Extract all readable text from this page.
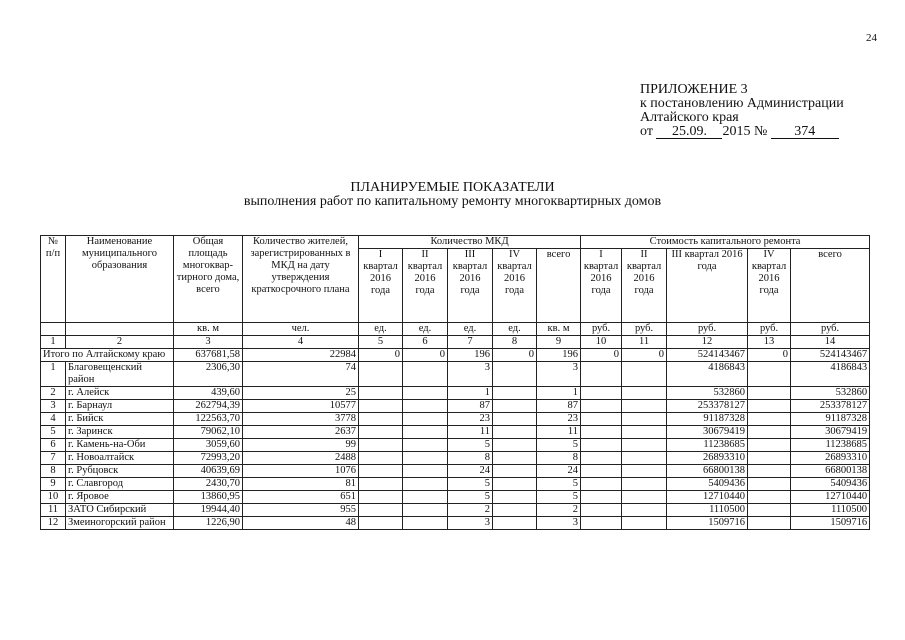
24
ПРИЛОЖЕНИЕ 3
к постановлению Администрации
Алтайского края
от 25.09. 2015 № 374
ПЛАНИРУЕМЫЕ ПОКАЗАТЕЛИ
выполнения работ по капитальному ремонту многоквартирных домов
№ п/п	Наименование муниципального образования	Общая площадь многоквар-тирного дома, всего	Количество жителей, зарегистрированных в МКД на дату утверждения краткосрочного плана	Количество МКД					Стоимость капитального ремонта				
				I квартал 2016 года	II квартал 2016 года	III квартал 2016 года	IV квартал 2016 года	всего	I квартал 2016 года	II квартал 2016 года	III квартал 2016 года	IV квартал 2016 года	всего
		кв. м	чел.	ед.	ед.	ед.	ед.	кв. м	руб.	руб.	руб.	руб.	руб.
1	2	3	4	5	6	7	8	9	10	11	12	13	14
Итого по Алтайскому краю		637681,58	22984	0	0	196	0	196	0	0	524143467	0	524143467
1	Благовещенский район	2306,30	74			3		3			4186843		4186843
2	г. Алейск	439,60	25			1		1			532860		532860
3	г. Барнаул	262794,39	10577			87		87			253378127		253378127
4	г. Бийск	122563,70	3778			23		23			91187328		91187328
5	г. Заринск	79062,10	2637			11		11			30679419		30679419
6	г. Камень-на-Оби	3059,60	99			5		5			11238685		11238685
7	г. Новоалтайск	72993,20	2488			8		8			26893310		26893310
8	г. Рубцовск	40639,69	1076			24		24			66800138		66800138
9	г. Славгород	2430,70	81			5		5			5409436		5409436
10	г. Яровое	13860,95	651			5		5			12710440		12710440
11	ЗАТО Сибирский	19944,40	955			2		2			1110500		1110500
12	Змеиногорский район	1226,90	48			3		3			1509716		1509716
